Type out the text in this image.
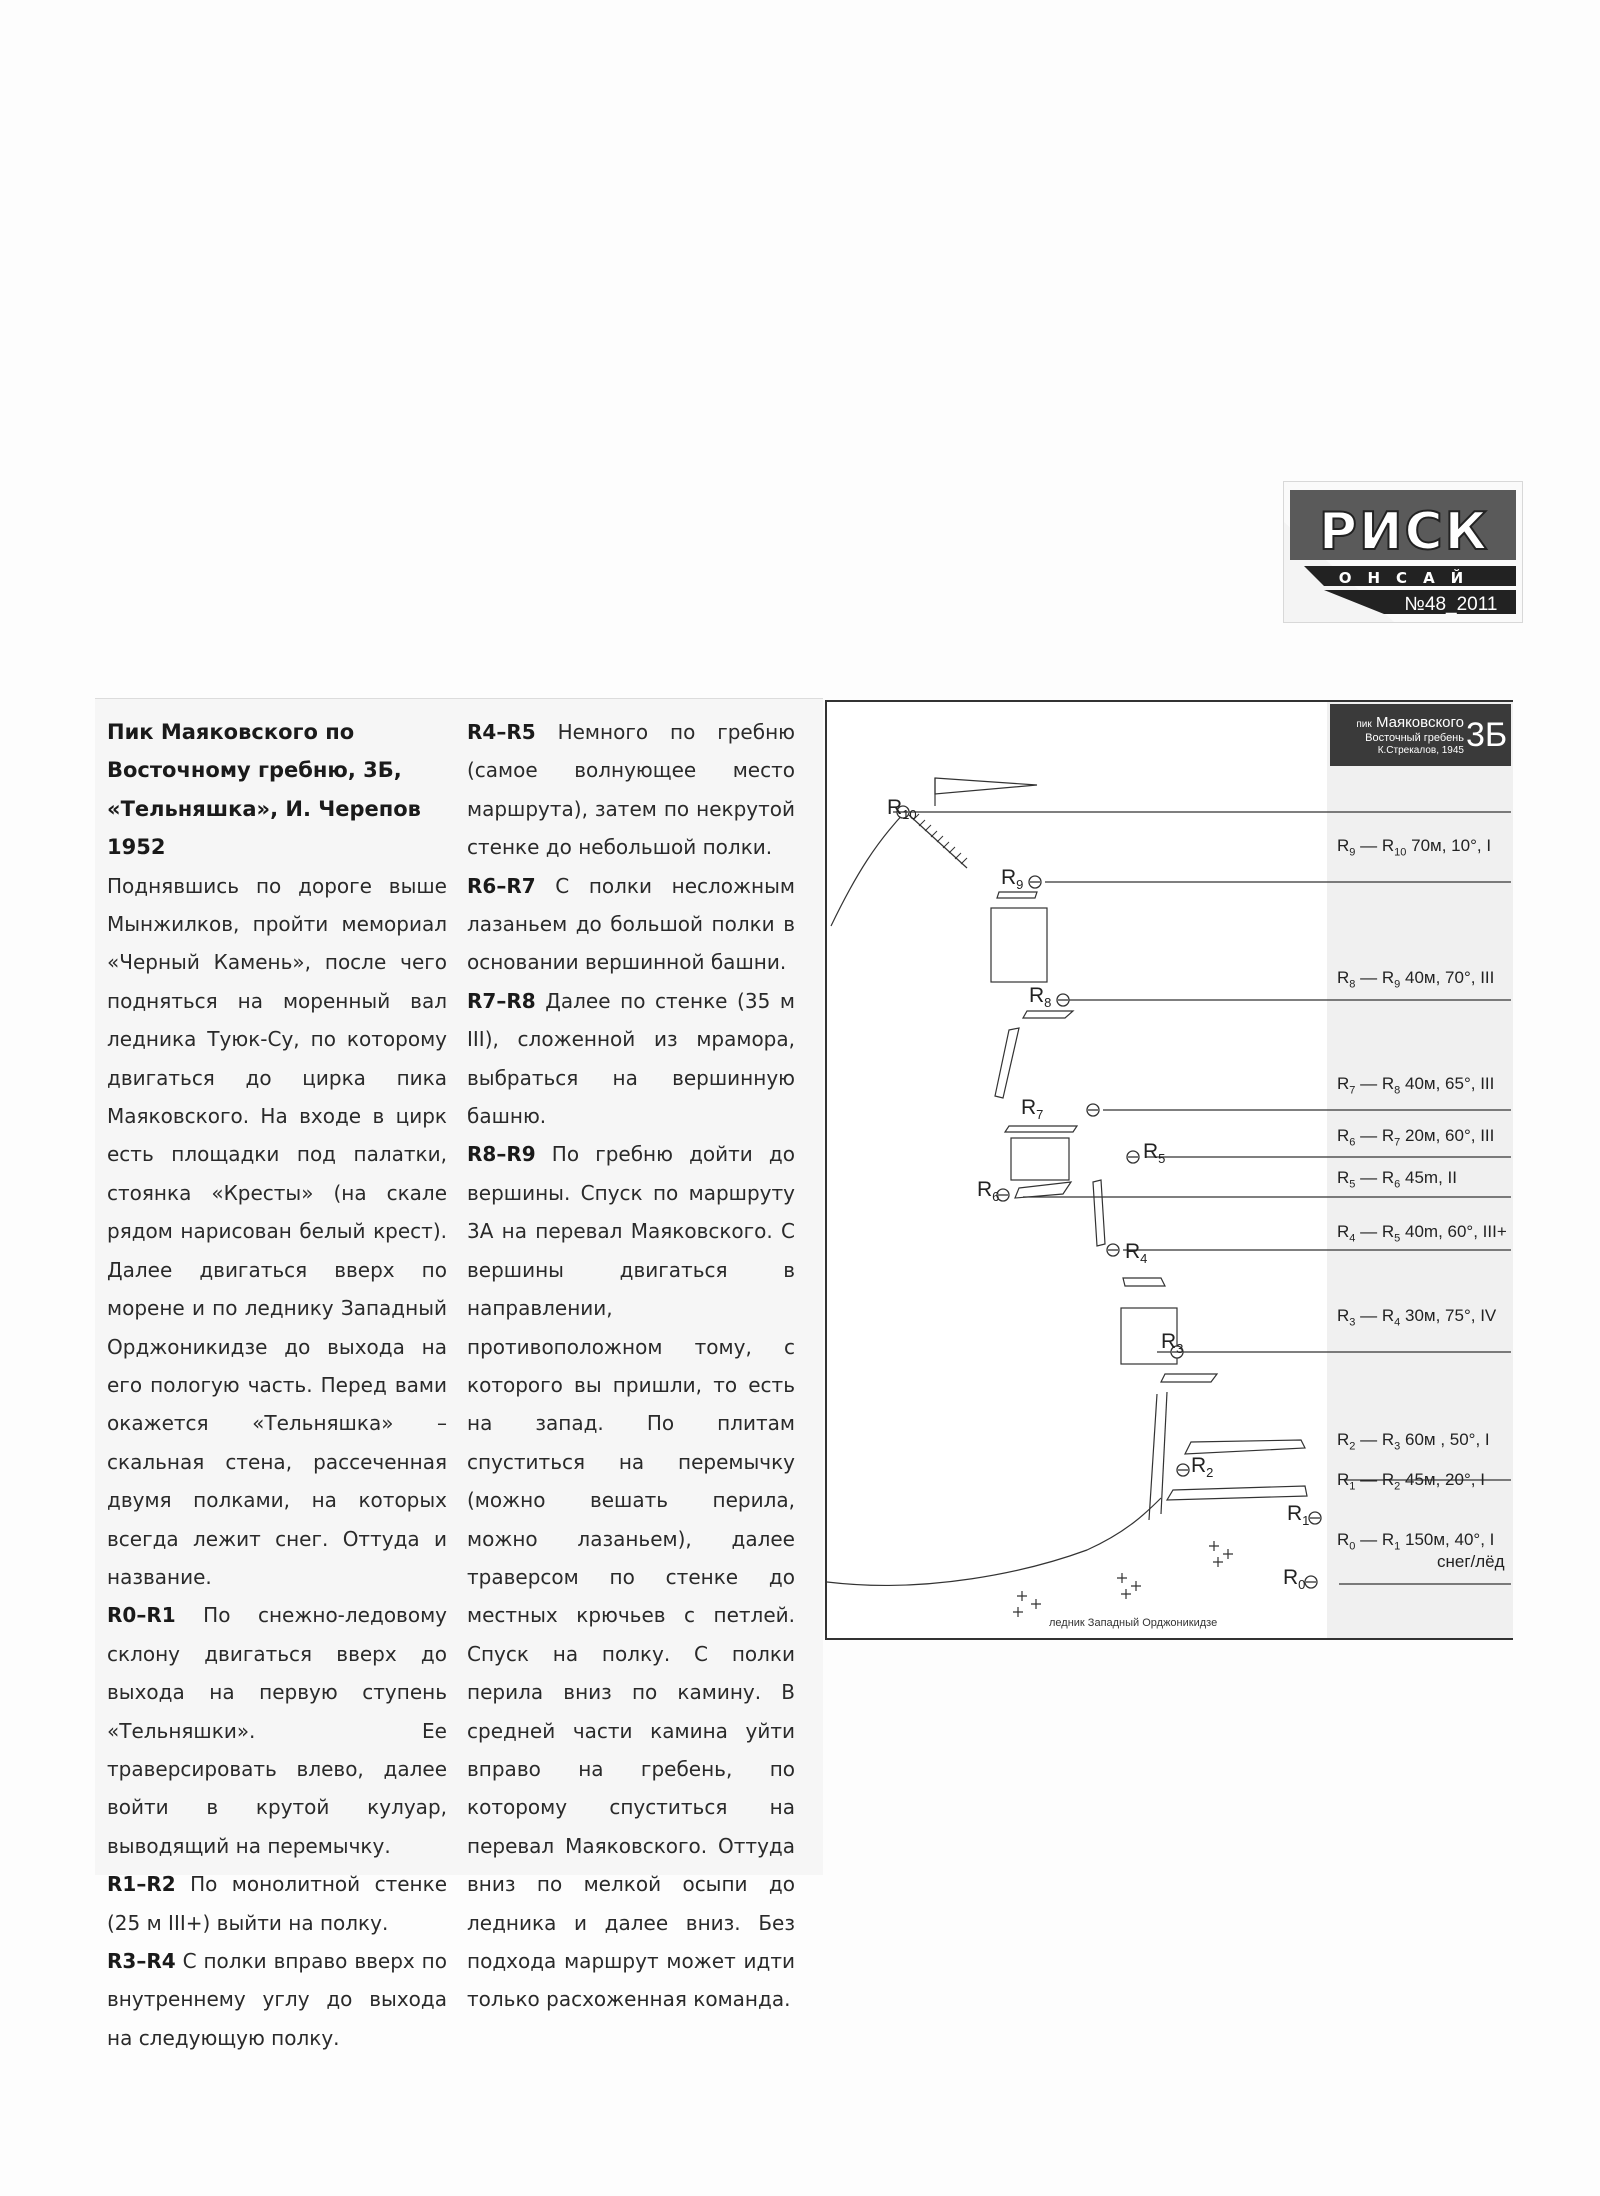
РИСК
ОНСАЙ
№48_2011

Пик Маяковского по Восточному гребню, 3Б, «Тельняшка», И. Черепов 1952

Поднявшись по дороге выше Мынжилков, пройти мемориал «Черный Камень», после чего подняться на моренный вал ледника Туюк-Су, по которому двигаться до цирка пика Маяковского. На входе в цирк есть площадки под палатки, стоянка «Кресты» (на скале рядом нарисован белый крест). Далее двигаться вверх по морене и по леднику Западный Орджоникидзе до выхода на его пологую часть. Перед вами окажется «Тельняшка» – скальная стена, рассеченная двумя полками, на которых всегда лежит снег. Оттуда и название.

R0–R1 По снежно-ледовому склону двигаться вверх до выхода на первую ступень «Тельняшки». Ее траверсировать влево, далее войти в крутой кулуар, выводящий на перемычку.

R1–R2 По монолитной стенке (25 м III+) выйти на полку.

R3–R4 С полки вправо вверх по внутреннему углу до выхода на следующую полку.

R4–R5 Немного по гребню (самое волнующее место маршрута), затем по некрутой стенке до небольшой полки.

R6–R7 С полки несложным лазаньем до большой полки в основании вершинной башни.

R7–R8 Далее по стенке (35 м III), сложенной из мрамора, выбраться на вершинную башню.

R8–R9 По гребню дойти до вершины. Спуск по маршруту 3А на перевал Маяковского. С вершины двигаться в направлении, противоположном тому, с которого вы пришли, то есть на запад. По плитам спуститься на перемычку (можно вешать перила, можно лазаньем), далее траверсом по стенке до местных крючьев с петлей. Спуск на полку. С полки перила вниз по камину. В средней части камина уйти вправо на гребень, по которому спуститься на перевал Маяковского. Оттуда вниз по мелкой осыпи до ледника и далее вниз. Без подхода маршрут может идти только расхоженная команда.

пик Маяковского
Восточный гребень
К.Стрекалов, 1945 3Б
$R_{10}$
$R_9$
$R_8$
$R_7$
$R_6$
$R_5$
$R_4$
$R_3$
$R_2$
$R_1$
$R_0$
$R_9$ — $R_{10}$ 70м, 10°, I
$R_8$ — $R_9$ 40м, 70°, III
$R_7$ — $R_8$ 40м, 65°, III
$R_6$ — $R_7$ 20м, 60°, III
$R_5$ — $R_6$ 45m, II
$R_4$ — $R_5$ 40m, 60°, III+
$R_3$ — $R_4$ 30м, 75°, IV
$R_2$ — $R_3$ 60м , 50°, I
$R_1$ — $R_2$ 45м, 20°, I
$R_0$ — $R_1$ 150м, 40°, I
снег/лёд
ледник Западный Орджоникидзе
